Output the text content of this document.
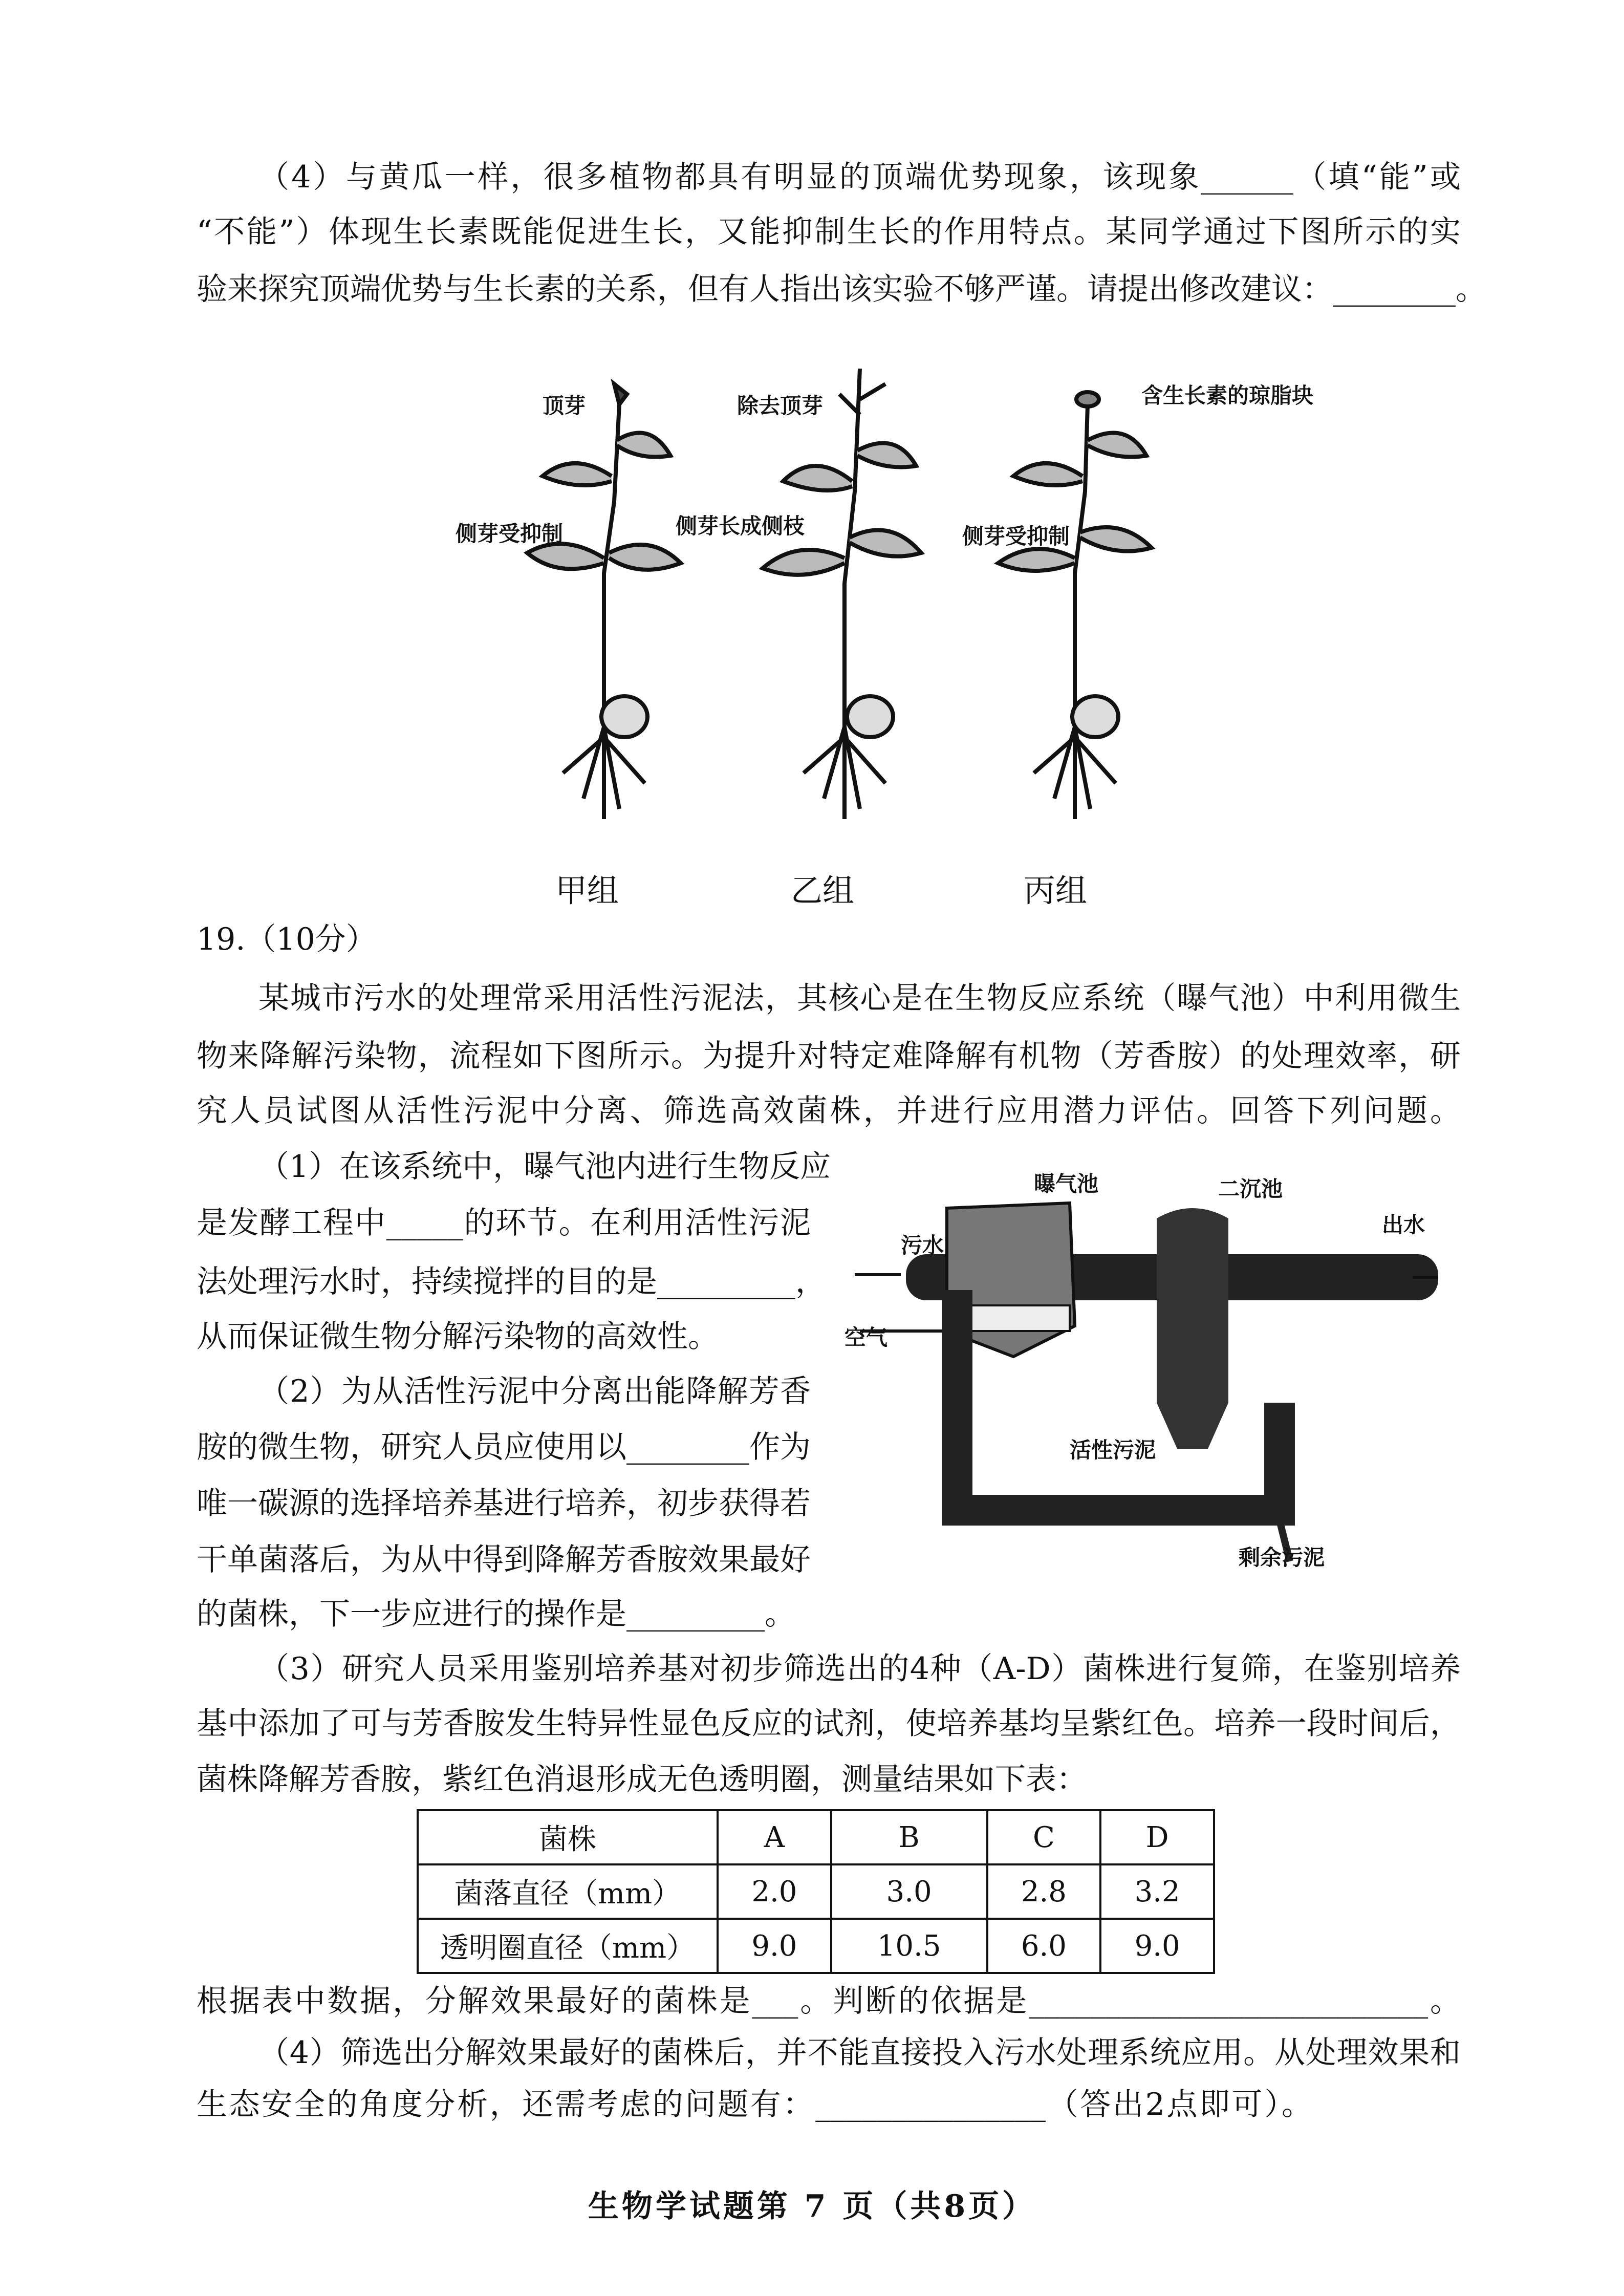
（4）与黄瓜一样，很多植物都具有明显的顶端优势现象，该现象______（填“能”或
“不能”）体现生长素既能促进生长，又能抑制生长的作用特点。某同学通过下图所示的实
验来探究顶端优势与生长素的关系，但有人指出该实验不够严谨。请提出修改建议：________。
顶芽
侧芽受抑制
除去顶芽
侧芽长成侧枝
含生长素的琼脂块
侧芽受抑制
甲组	乙组	丙组
19.（10分）
某城市污水的处理常采用活性污泥法，其核心是在生物反应系统（曝气池）中利用微生
物来降解污染物，流程如下图所示。为提升对特定难降解有机物（芳香胺）的处理效率，研
究人员试图从活性污泥中分离、筛选高效菌株，并进行应用潜力评估。回答下列问题。
（1）在该系统中，曝气池内进行生物反应
是发酵工程中_____的环节。在利用活性污泥
法处理污水时，持续搅拌的目的是_________，
从而保证微生物分解污染物的高效性。
（2）为从活性污泥中分离出能降解芳香
胺的微生物，研究人员应使用以________作为
唯一碳源的选择培养基进行培养，初步获得若
干单菌落后，为从中得到降解芳香胺效果最好
的菌株，下一步应进行的操作是_________。
曝气池	二沉池
污水
出水
空气
活性污泥
剩余污泥
（3）研究人员采用鉴别培养基对初步筛选出的4种（A-D）菌株进行复筛，在鉴别培养
基中添加了可与芳香胺发生特异性显色反应的试剂，使培养基均呈紫红色。培养一段时间后，
菌株降解芳香胺，紫红色消退形成无色透明圈，测量结果如下表：
菌株	A	B	C	D
菌落直径（mm）	2.0	3.0	2.8	3.2
透明圈直径（mm）	9.0	10.5	6.0	9.0
根据表中数据，分解效果最好的菌株是___。判断的依据是__________________________。
（4）筛选出分解效果最好的菌株后，并不能直接投入污水处理系统应用。从处理效果和
生态安全的角度分析，还需考虑的问题有：_______________（答出2点即可）。
生物学试题第 7 页（共8页）
